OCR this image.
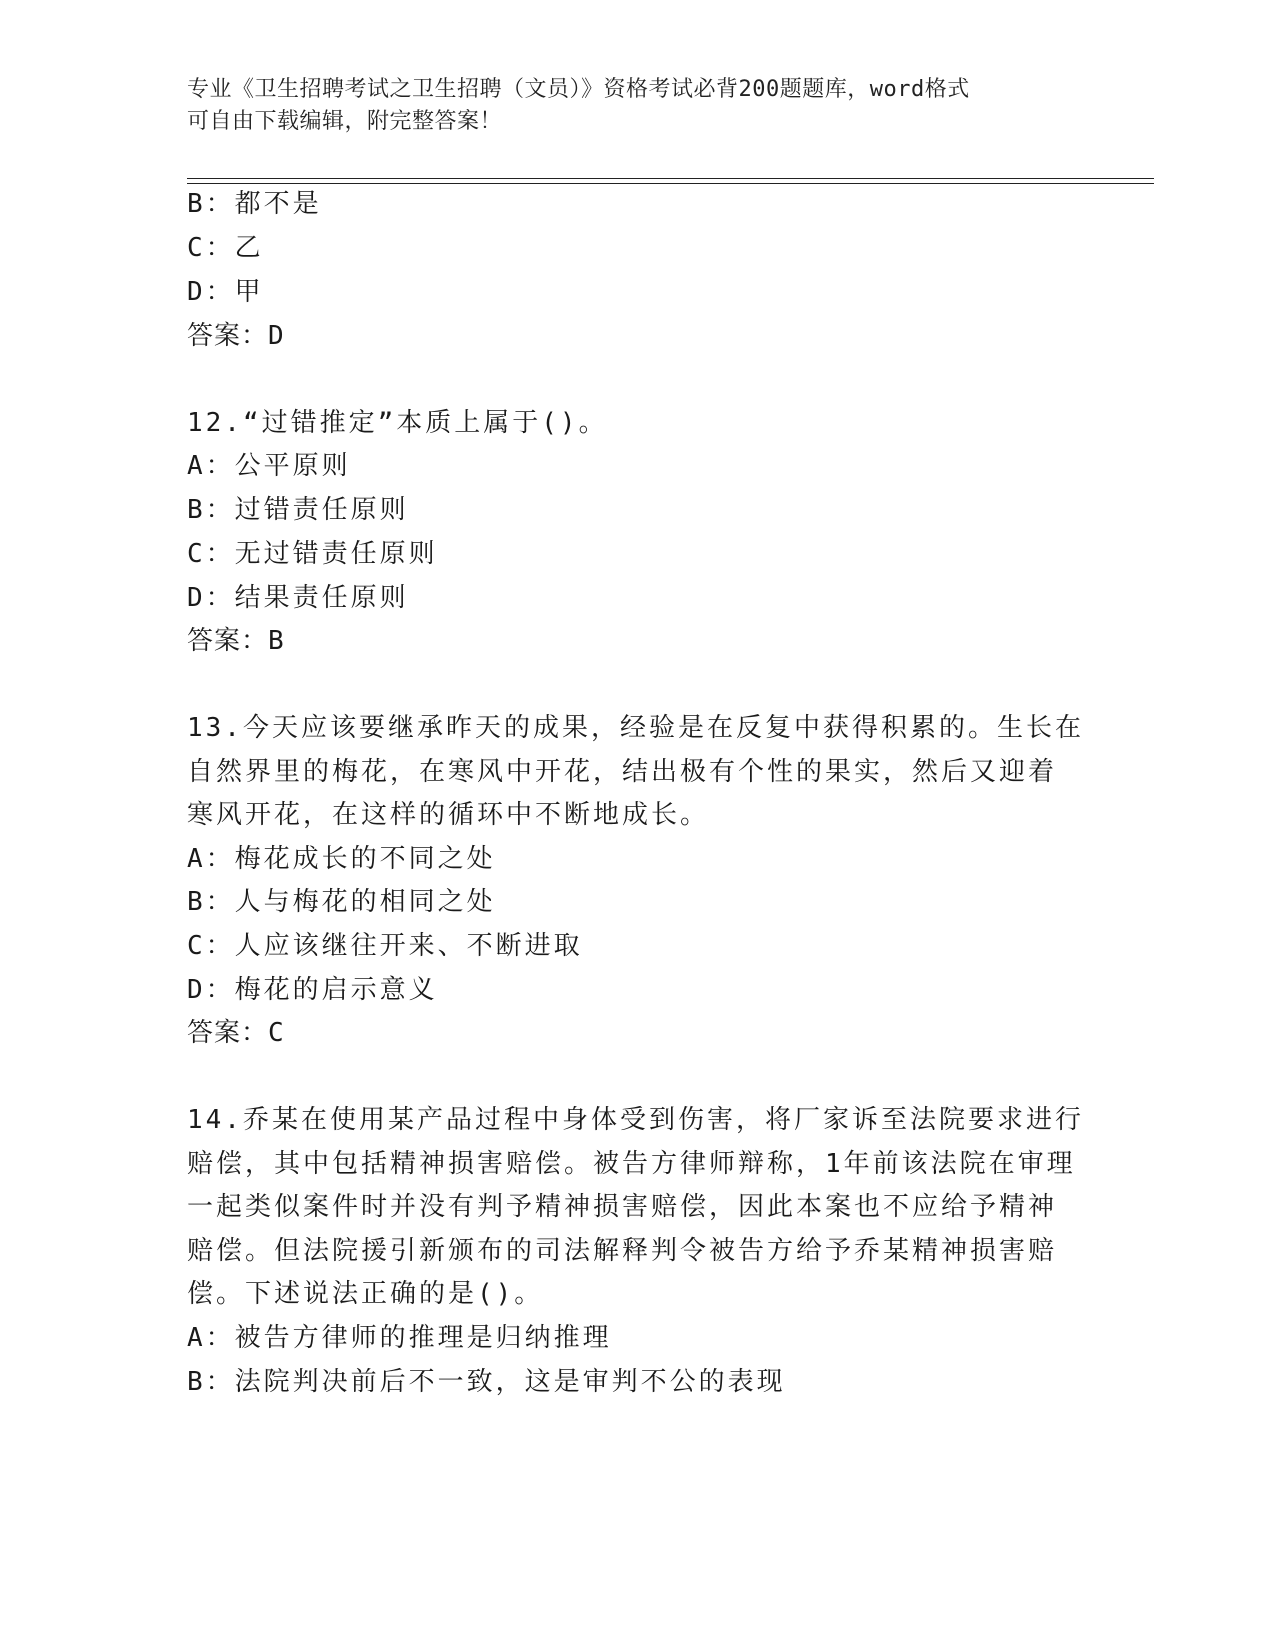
专业《卫生招聘考试之卫生招聘（文员）》资格考试必背200题题库，word格式
可自由下载编辑，附完整答案！
B：都不是
C：乙
D：甲
答案：D
12.“过错推定”本质上属于()。
A：公平原则
B：过错责任原则
C：无过错责任原则
D：结果责任原则
答案：B
13.今天应该要继承昨天的成果，经验是在反复中获得积累的。生长在
自然界里的梅花，在寒风中开花，结出极有个性的果实，然后又迎着
寒风开花，在这样的循环中不断地成长。
A：梅花成长的不同之处
B：人与梅花的相同之处
C：人应该继往开来、不断进取
D：梅花的启示意义
答案：C
14.乔某在使用某产品过程中身体受到伤害，将厂家诉至法院要求进行
赔偿，其中包括精神损害赔偿。被告方律师辩称，1年前该法院在审理
一起类似案件时并没有判予精神损害赔偿，因此本案也不应给予精神
赔偿。但法院援引新颁布的司法解释判令被告方给予乔某精神损害赔
偿。下述说法正确的是()。
A：被告方律师的推理是归纳推理
B：法院判决前后不一致，这是审判不公的表现
